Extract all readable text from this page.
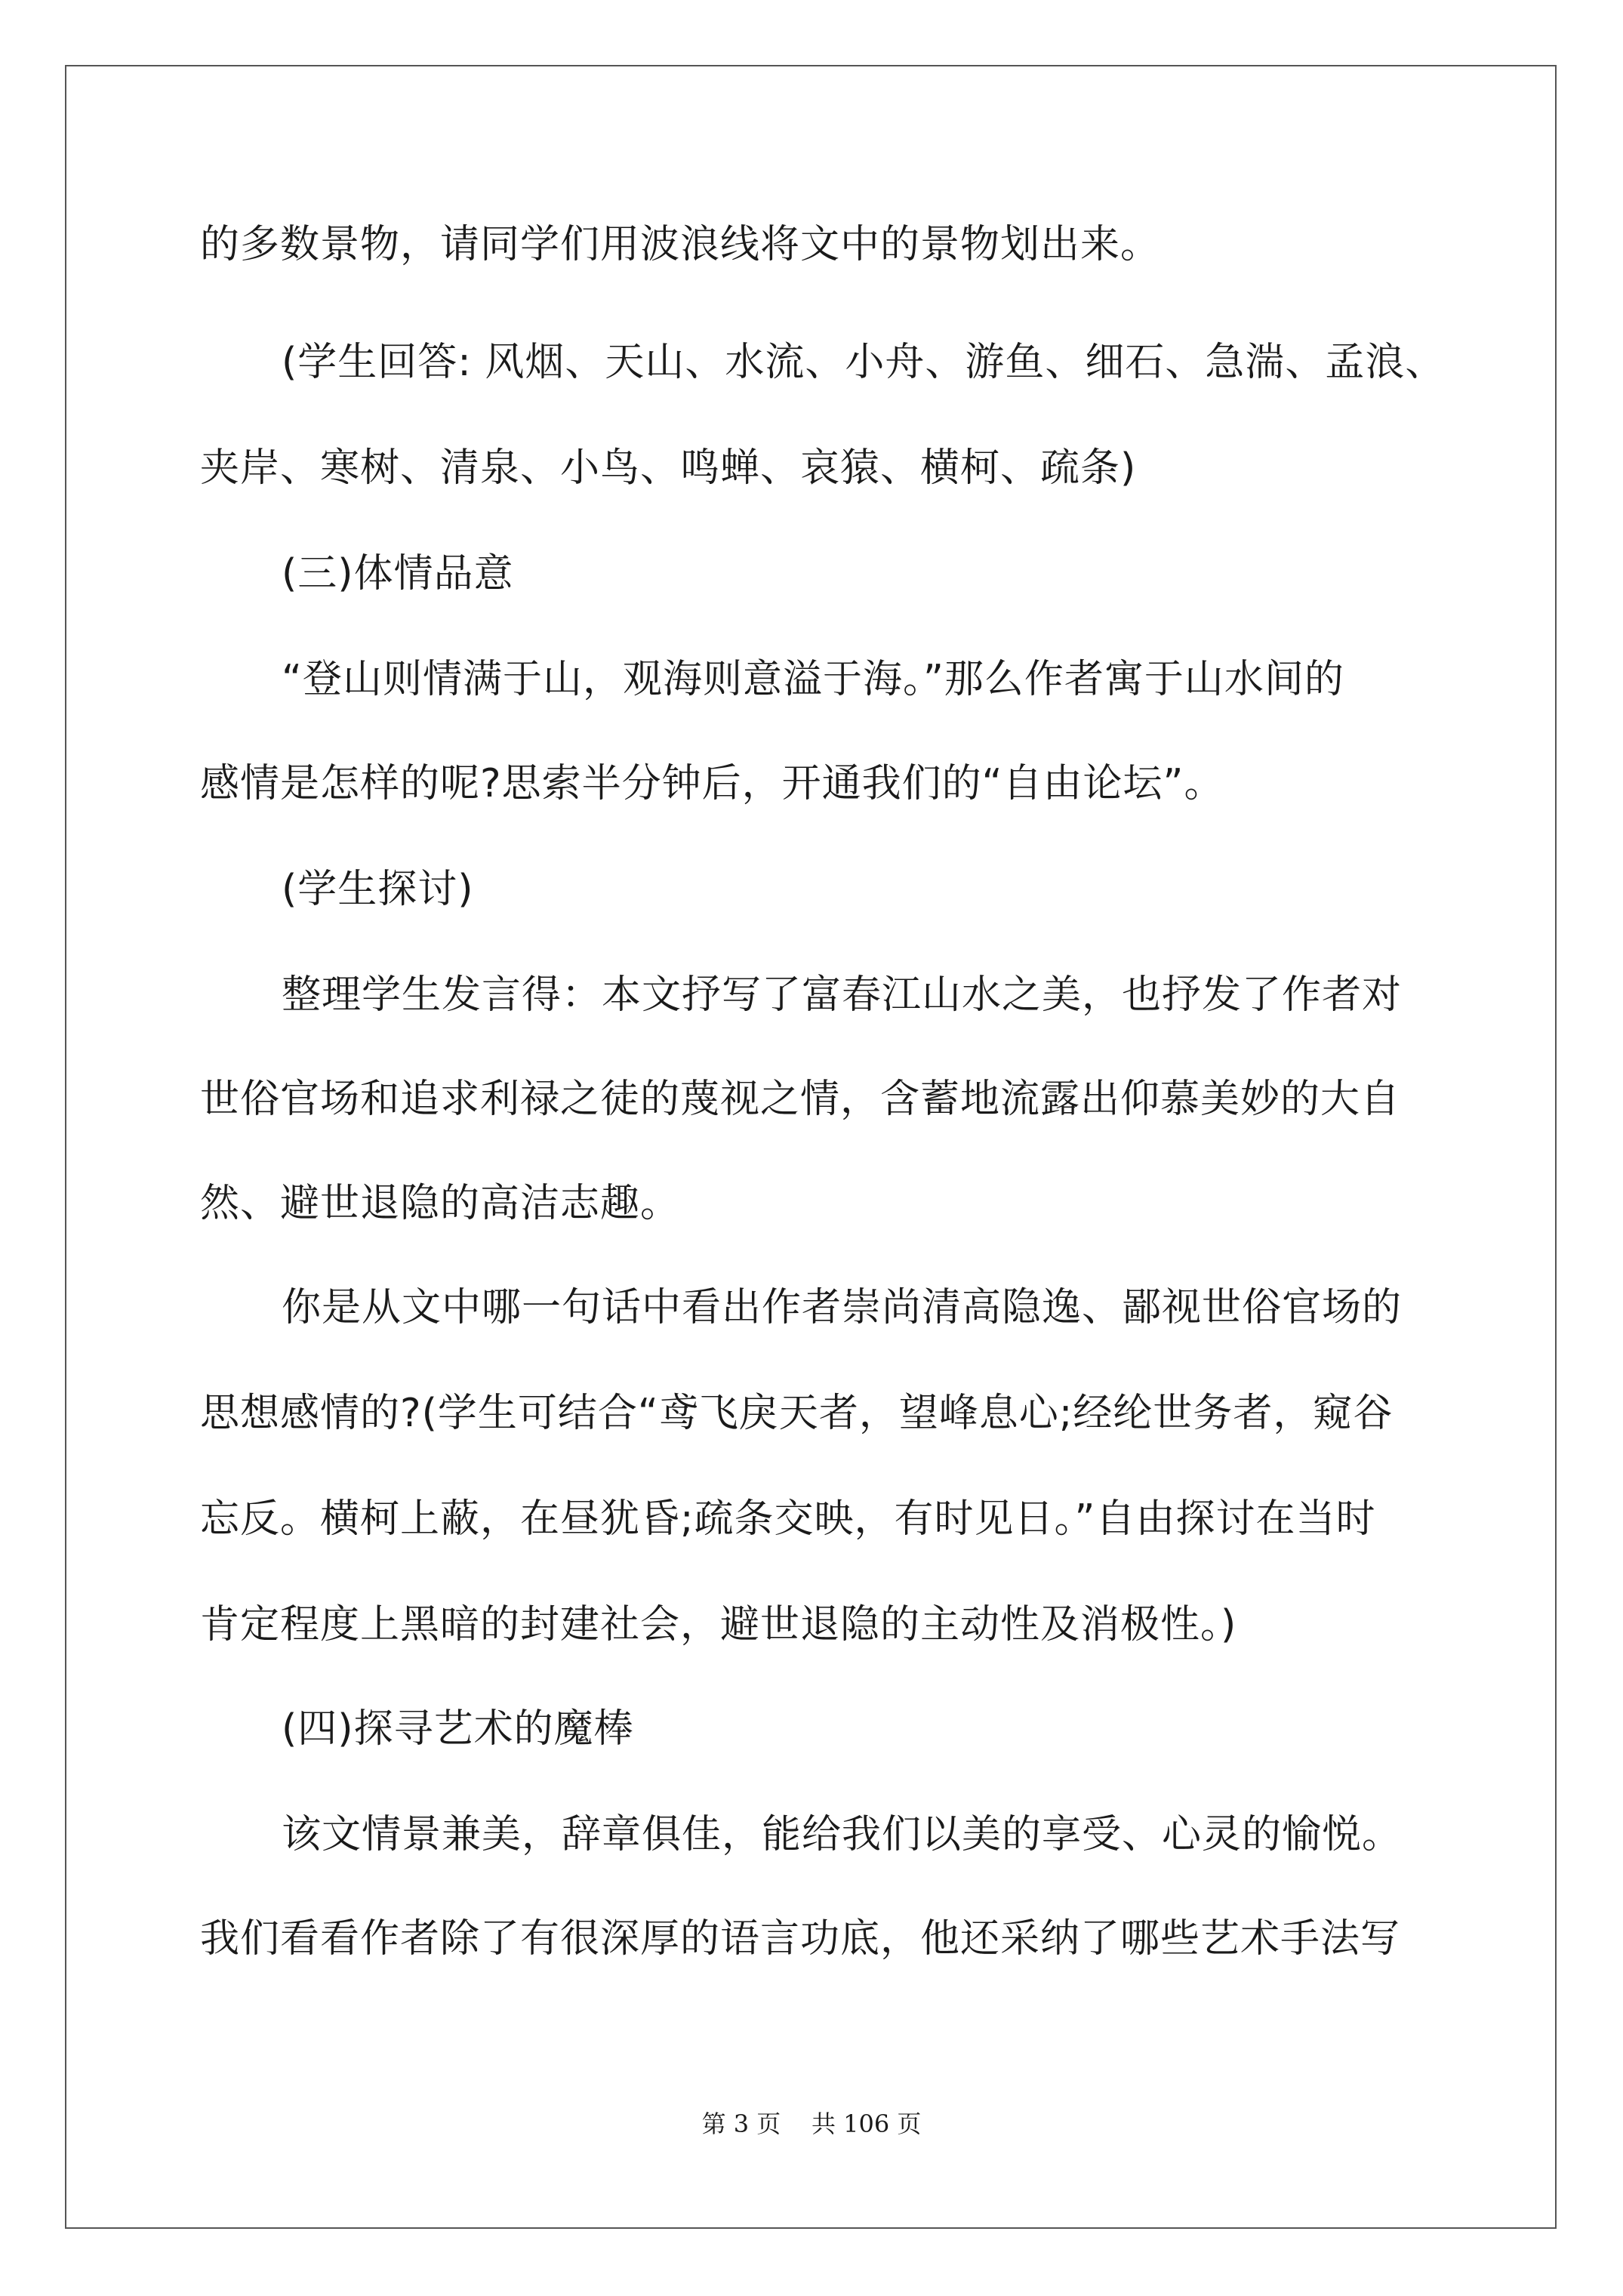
的多数景物，请同学们用波浪线将文中的景物划出来。
(学生回答: 风烟、天山、水流、小舟、游鱼、细石、急湍、孟浪、
夹岸、寒树、清泉、小鸟、鸣蝉、哀猿、横柯、疏条)
(三)体情品意
“登山则情满于山，观海则意溢于海。”那么作者寓于山水间的
感情是怎样的呢?思索半分钟后，开通我们的“自由论坛”。
(学生探讨)
整理学生发言得：本文抒写了富春江山水之美，也抒发了作者对
世俗官场和追求利禄之徒的蔑视之情，含蓄地流露出仰慕美妙的大自
然、避世退隐的高洁志趣。
你是从文中哪一句话中看出作者崇尚清高隐逸、鄙视世俗官场的
思想感情的?(学生可结合“鸢飞戾天者，望峰息心;经纶世务者，窥谷
忘反。横柯上蔽，在昼犹昏;疏条交映，有时见日。”自由探讨在当时
肯定程度上黑暗的封建社会，避世退隐的主动性及消极性。)
(四)探寻艺术的魔棒
该文情景兼美，辞章俱佳，能给我们以美的享受、心灵的愉悦。
我们看看作者除了有很深厚的语言功底，他还采纳了哪些艺术手法写
第 3 页    共 106 页
